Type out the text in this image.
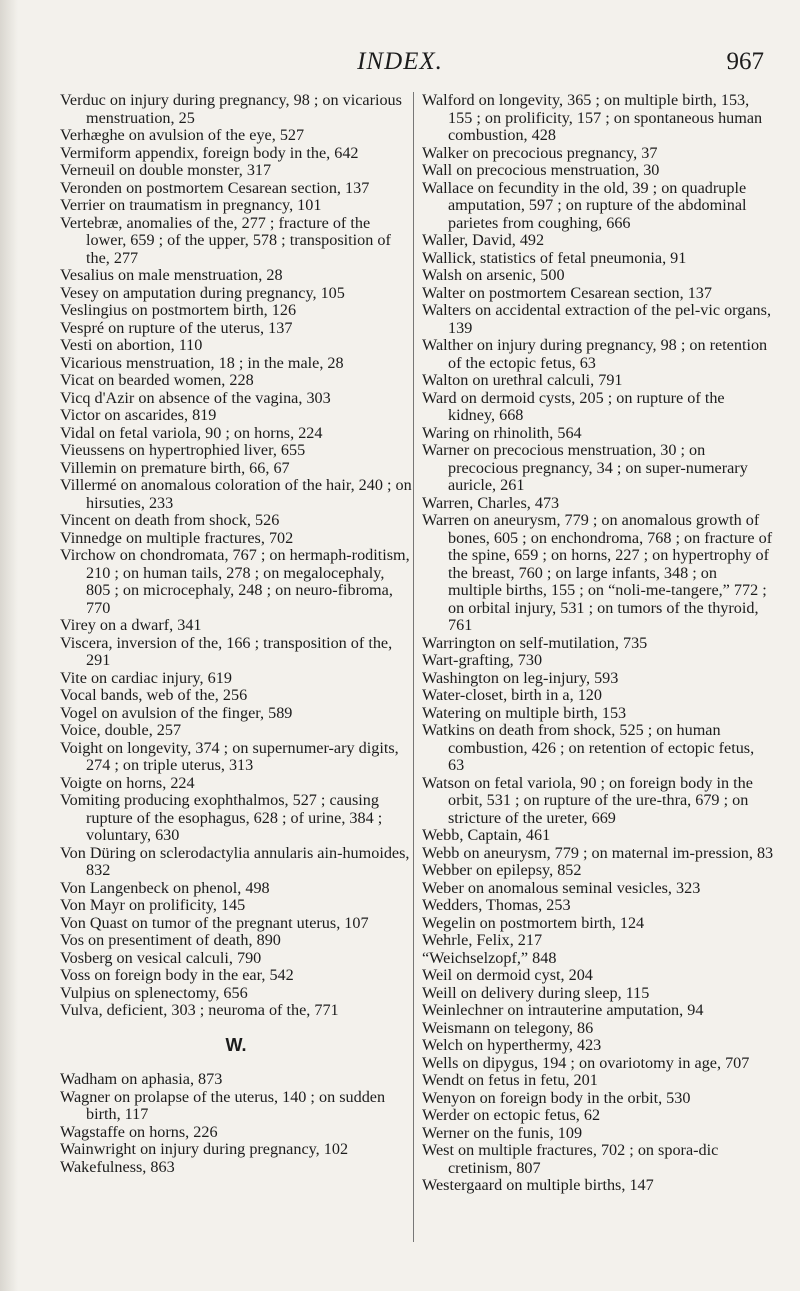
INDEX.	967

Verduc on injury during pregnancy, 98 ; on vicarious menstruation, 25

Verhæghe on avulsion of the eye, 527

Vermiform appendix, foreign body in the, 642

Verneuil on double monster, 317

Veronden on postmortem Cesarean section, 137

Verrier on traumatism in pregnancy, 101

Vertebræ, anomalies of the, 277 ; fracture of the lower, 659 ; of the upper, 578 ; transposition of the, 277

Vesalius on male menstruation, 28

Vesey on amputation during pregnancy, 105

Veslingius on postmortem birth, 126

Vespré on rupture of the uterus, 137

Vesti on abortion, 110

Vicarious menstruation, 18 ; in the male, 28

Vicat on bearded women, 228

Vicq d'Azir on absence of the vagina, 303

Victor on ascarides, 819

Vidal on fetal variola, 90 ; on horns, 224

Vieussens on hypertrophied liver, 655

Villemin on premature birth, 66, 67

Villermé on anomalous coloration of the hair, 240 ; on hirsuties, 233

Vincent on death from shock, 526

Vinnedge on multiple fractures, 702

Virchow on chondromata, 767 ; on hermaph-roditism, 210 ; on human tails, 278 ; on megalocephaly, 805 ; on microcephaly, 248 ; on neuro-fibroma, 770

Virey on a dwarf, 341

Viscera, inversion of the, 166 ; transposition of the, 291

Vite on cardiac injury, 619

Vocal bands, web of the, 256

Vogel on avulsion of the finger, 589

Voice, double, 257

Voight on longevity, 374 ; on supernumer-ary digits, 274 ; on triple uterus, 313

Voigte on horns, 224

Vomiting producing exophthalmos, 527 ; causing rupture of the esophagus, 628 ; of urine, 384 ; voluntary, 630

Von Düring on sclerodactylia annularis ain-humoides, 832

Von Langenbeck on phenol, 498

Von Mayr on prolificity, 145

Von Quast on tumor of the pregnant uterus, 107

Vos on presentiment of death, 890

Vosberg on vesical calculi, 790

Voss on foreign body in the ear, 542

Vulpius on splenectomy, 656

Vulva, deficient, 303 ; neuroma of the, 771

W.

Wadham on aphasia, 873

Wagner on prolapse of the uterus, 140 ; on sudden birth, 117

Wagstaffe on horns, 226

Wainwright on injury during pregnancy, 102

Wakefulness, 863

Walford on longevity, 365 ; on multiple birth, 153, 155 ; on prolificity, 157 ; on spontaneous human combustion, 428

Walker on precocious pregnancy, 37

Wall on precocious menstruation, 30

Wallace on fecundity in the old, 39 ; on quadruple amputation, 597 ; on rupture of the abdominal parietes from coughing, 666

Waller, David, 492

Wallick, statistics of fetal pneumonia, 91

Walsh on arsenic, 500

Walter on postmortem Cesarean section, 137

Walters on accidental extraction of the pel-vic organs, 139

Walther on injury during pregnancy, 98 ; on retention of the ectopic fetus, 63

Walton on urethral calculi, 791

Ward on dermoid cysts, 205 ; on rupture of the kidney, 668

Waring on rhinolith, 564

Warner on precocious menstruation, 30 ; on precocious pregnancy, 34 ; on super-numerary auricle, 261

Warren, Charles, 473

Warren on aneurysm, 779 ; on anomalous growth of bones, 605 ; on enchondroma, 768 ; on fracture of the spine, 659 ; on horns, 227 ; on hypertrophy of the breast, 760 ; on large infants, 348 ; on multiple births, 155 ; on “noli-me-tangere,” 772 ; on orbital injury, 531 ; on tumors of the thyroid, 761

Warrington on self-mutilation, 735

Wart-grafting, 730

Washington on leg-injury, 593

Water-closet, birth in a, 120

Watering on multiple birth, 153

Watkins on death from shock, 525 ; on human combustion, 426 ; on retention of ectopic fetus, 63

Watson on fetal variola, 90 ; on foreign body in the orbit, 531 ; on rupture of the ure-thra, 679 ; on stricture of the ureter, 669

Webb, Captain, 461

Webb on aneurysm, 779 ; on maternal im-pression, 83

Webber on epilepsy, 852

Weber on anomalous seminal vesicles, 323

Wedders, Thomas, 253

Wegelin on postmortem birth, 124

Wehrle, Felix, 217

“Weichselzopf,” 848

Weil on dermoid cyst, 204

Weill on delivery during sleep, 115

Weinlechner on intrauterine amputation, 94

Weismann on telegony, 86

Welch on hyperthermy, 423

Wells on dipygus, 194 ; on ovariotomy in age, 707

Wendt on fetus in fetu, 201

Wenyon on foreign body in the orbit, 530

Werder on ectopic fetus, 62

Werner on the funis, 109

West on multiple fractures, 702 ; on spora-dic cretinism, 807

Westergaard on multiple births, 147
